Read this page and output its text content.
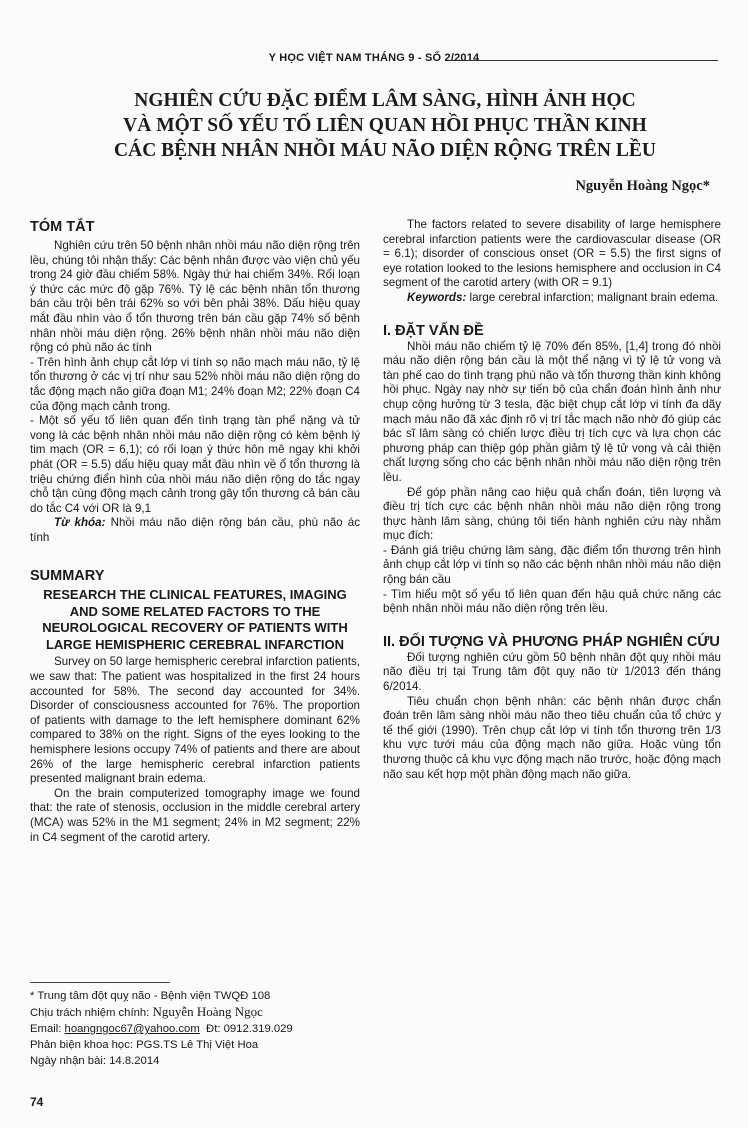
Y HỌC VIỆT NAM THÁNG 9 - SỐ 2/2014
NGHIÊN CỨU ĐẶC ĐIỂM LÂM SÀNG, HÌNH ẢNH HỌC
VÀ MỘT SỐ YẾU TỐ LIÊN QUAN HỒI PHỤC THẦN KINH
CÁC BỆNH NHÂN NHỒI MÁU NÃO DIỆN RỘNG TRÊN LỀU
Nguyễn Hoàng Ngọc*
TÓM TẮT

Nghiên cứu trên 50 bệnh nhân nhồi máu não diện rộng trên lều, chúng tôi nhận thấy: Các bệnh nhân được vào viện chủ yếu trong 24 giờ đầu chiếm 58%. Ngày thứ hai chiếm 34%. Rối loạn ý thức các mức độ gặp 76%. Tỷ lệ các bệnh nhân tổn thương bán cầu trội bên trái 62% so với bên phải 38%. Dấu hiệu quay mắt đầu nhìn vào ổ tổn thương trên bán cầu gặp 74% số bệnh nhân nhồi máu diện rộng. 26% bệnh nhân nhồi máu não diện rộng có phù não ác tính

- Trên hình ảnh chụp cắt lớp vi tính sọ não mạch máu não, tỷ lệ tổn thương ở các vị trí như sau 52% nhồi máu não diện rộng do tắc động mạch não giữa đoạn M1; 24% đoạn M2; 22% đoạn C4 của động mạch cảnh trong.

- Một số yếu tố liên quan đến tình trạng tàn phế nặng và tử vong là các bệnh nhân nhồi máu não diện rộng có kèm bệnh lý tim mạch (OR = 6,1); có rối loạn ý thức hôn mê ngay khi khởi phát (OR = 5.5) dấu hiệu quay mắt đầu nhìn về ổ tổn thương là triệu chứng điển hình của nhồi máu não diện rộng do tắc ngay chỗ tận cùng động mạch cảnh trong gây tổn thương cả bán cầu do tắc C4 với OR là 9,1

Từ khóa: Nhồi máu não diện rộng bán cầu, phù não ác tính

SUMMARY

RESEARCH THE CLINICAL FEATURES, IMAGING AND SOME RELATED FACTORS TO THE NEUROLOGICAL RECOVERY OF PATIENTS WITH LARGE HEMISPHERIC CEREBRAL INFARCTION

Survey on 50 large hemispheric cerebral infarction patients, we saw that: The patient was hospitalized in the first 24 hours accounted for 58%. The second day accounted for 34%. Disorder of consciousness accounted for 76%. The proportion of patients with damage to the left hemisphere dominant 62% compared to 38% on the right. Signs of the eyes looking to the hemisphere lesions occupy 74% of patients and there are about 26% of the large hemispheric cerebral infarction patients presented malignant brain edema.

On the brain computerized tomography image we found that: the rate of stenosis, occlusion in the middle cerebral artery (MCA) was 52% in the M1 segment; 24% in M2 segment; 22% in C4 segment of the carotid artery.

* Trung tâm đột quỵ não - Bệnh viện TWQĐ 108

Chịu trách nhiệm chính: Nguyễn Hoàng Ngọc

Email: hoangngoc67@yahoo.com Đt: 0912.319.029

Phản biện khoa học: PGS.TS Lê Thị Việt Hoa

Ngày nhận bài: 14.8.2014

74

The factors related to severe disability of large hemisphere cerebral infarction patients were the cardiovascular disease (OR = 6.1); disorder of conscious onset (OR = 5.5) the first signs of eye rotation looked to the lesions hemisphere and occlusion in C4 segment of the carotid artery (with OR = 9.1)

Keywords: large cerebral infarction; malignant brain edema.

I. ĐẶT VẤN ĐỀ

Nhồi máu não chiếm tỷ lệ 70% đến 85%, [1,4] trong đó nhồi máu não diện rộng bán cầu là một thể nặng vì tỷ lệ tử vong và tàn phế cao do tình trạng phù não và tổn thương thần kinh không hồi phục. Ngày nay nhờ sự tiến bộ của chẩn đoán hình ảnh như chụp cộng hưởng từ 3 tesla, đặc biệt chụp cắt lớp vi tính đa dãy mạch máu não đã xác định rõ vị trí tắc mạch não nhờ đó giúp các bác sĩ lâm sàng có chiến lược điều trị tích cực và lựa chọn các phương pháp can thiệp góp phần giảm tỷ lệ tử vong và cải thiện chất lượng sống cho các bệnh nhân nhồi máu não diện rộng trên lều.

Để góp phần nâng cao hiệu quả chẩn đoán, tiên lượng và điều trị tích cực các bệnh nhân nhồi máu não diện rộng trong thực hành lâm sàng, chúng tôi tiến hành nghiên cứu này nhằm mục đích:

- Đánh giá triệu chứng lâm sàng, đặc điểm tổn thương trên hình ảnh chụp cắt lớp vi tính sọ não các bệnh nhân nhồi máu não diện rộng bán cầu

- Tìm hiểu một số yếu tố liên quan đến hậu quả chức năng các bệnh nhân nhồi máu não diện rộng trên lều.

II. ĐỐI TƯỢNG VÀ PHƯƠNG PHÁP NGHIÊN CỨU

Đối tượng nghiên cứu gồm 50 bệnh nhân đột quỵ nhồi máu não điều trị tại Trung tâm đột quỵ não từ 1/2013 đến tháng 6/2014.

Tiêu chuẩn chọn bệnh nhân: các bệnh nhân được chẩn đoán trên lâm sàng nhồi máu não theo tiêu chuẩn của tổ chức y tế thế giới (1990). Trên chụp cắt lớp vi tính tổn thương trên 1/3 khu vực tưới máu của động mạch não giữa. Hoặc vùng tổn thương thuộc cả khu vực động mạch não trước, hoặc động mạch não sau kết hợp một phần động mạch não giữa.
